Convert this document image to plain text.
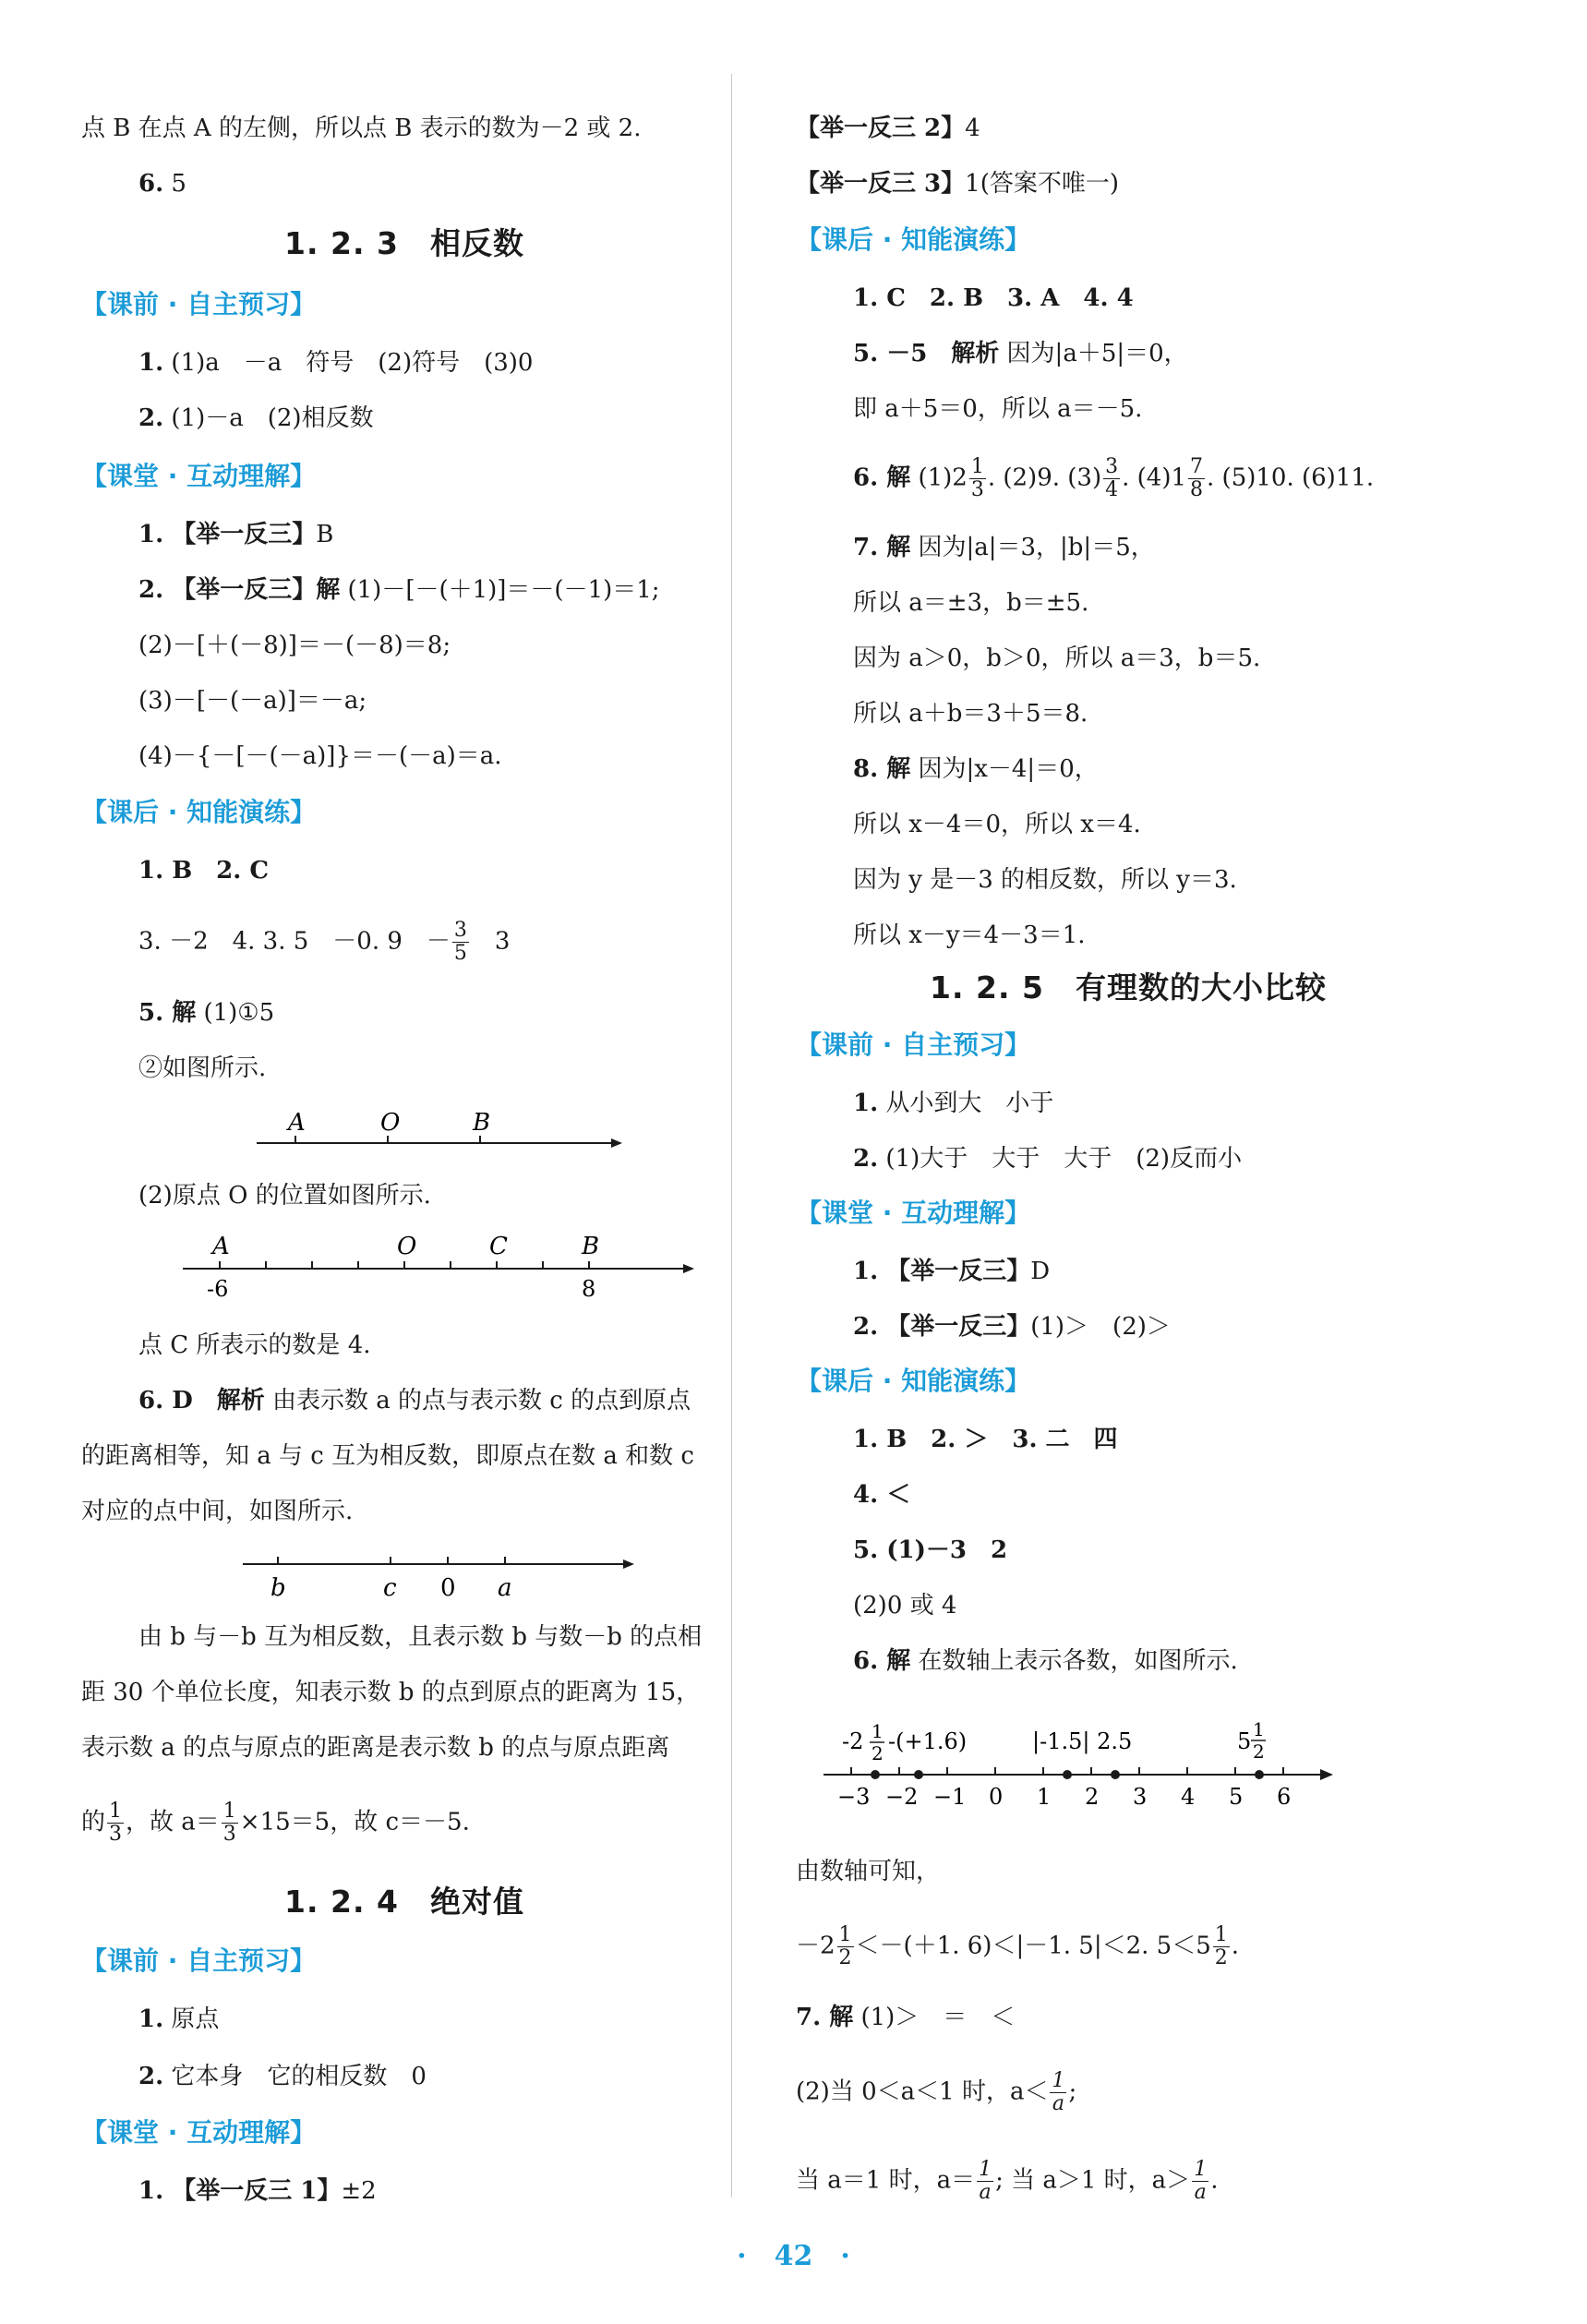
点 B 在点 A 的左侧，所以点 B 表示的数为－2 或 2.
6. 5
1. 2. 3　相反数
【课前 · 自主预习】
1. (1)a　－a　符号　(2)符号　(3)0
2. (1)－a　(2)相反数
【课堂 · 互动理解】
1. 【举一反三】B
2. 【举一反三】解 (1)－[－(＋1)]＝－(－1)＝1;
(2)－[＋(－8)]＝－(－8)＝8;
(3)－[－(－a)]＝－a;
(4)－{－[－(－a)]}＝－(－a)＝a.
【课后 · 知能演练】
1. B　2. C
3. －2　4. 3. 5　－0. 9　－ $\frac{3}{5}$ 　3
5. 解 (1)①5
②如图所示.
A	O	B
(2)原点 O 的位置如图所示.
A	O	C	B
-6	8
点 C 所表示的数是 4.
6. D　解析 由表示数 a 的点与表示数 c 的点到原点
的距离相等，知 a 与 c 互为相反数，即原点在数 a 和数 c
对应的点中间，如图所示.
b	c 0 a
由 b 与－b 互为相反数，且表示数 b 与数－b 的点相
距 30 个单位长度，知表示数 b 的点到原点的距离为 15，
表示数 a 的点与原点的距离是表示数 b 的点与原点距离
的 $\frac{1}{3}$ ，故 $a= \frac{1}{3} \times 15=5$，故 c＝－5.
1. 2. 4　绝对值
【课前 · 自主预习】
1. 原点
2. 它本身　它的相反数　0
【课堂 · 互动理解】
1. 【举一反三 1】±2
【举一反三 2】4
【举一反三 3】1(答案不唯一)
【课后 · 知能演练】
1. C　2. B　3. A　4. 4
5. －5　解析 因为|a＋5|＝0，
即 a＋5＝0，所以 a＝－5.
6. 解 $(1)2 \frac{1}{3}$ . (2)9. $(3) \frac{3}{4}$ . $(4)1 \frac{7}{8}$ . (5)10. (6)11.
7. 解 因为|a|＝3，|b|＝5，
所以 a＝±3，b＝±5.
因为 a＞0，b＞0，所以 a＝3，b＝5.
所以 a＋b＝3＋5＝8.
8. 解 因为|x－4|＝0，
所以 x－4＝0，所以 x＝4.
因为 y 是－3 的相反数，所以 y＝3.
所以 x－y＝4－3＝1.
1. 2. 5　有理数的大小比较
【课前 · 自主预习】
1. 从小到大　小于
2. (1)大于　大于　大于　(2)反而小
【课堂 · 互动理解】
1. 【举一反三】D
2. 【举一反三】(1)＞　(2)＞
【课后 · 知能演练】
1. B　2. ＞　3. 二　四
4. ＜
5. (1)－3　2
(2)0 或 4
6. 解 在数轴上表示各数，如图所示.
-2 1
2 -(+1.6)	|-1.5| 2.5	5 1
2
−3 −2 −1 0 1 2 3 4 5 6
由数轴可知，
$-2 \frac{1}{2} <-(+1$. 6)＜|－1. 5|＜2. $5<5 \frac{1}{2}$ .
7. 解 (1)＞　＝　＜
(2)当 0＜a＜1 时，$a< \frac{1}{a}$ ;
当 a＝1 时，$a= \frac{1}{a}$ ; 当 a＞1 时，$a> \frac{1}{a}$ .
·　42　·
